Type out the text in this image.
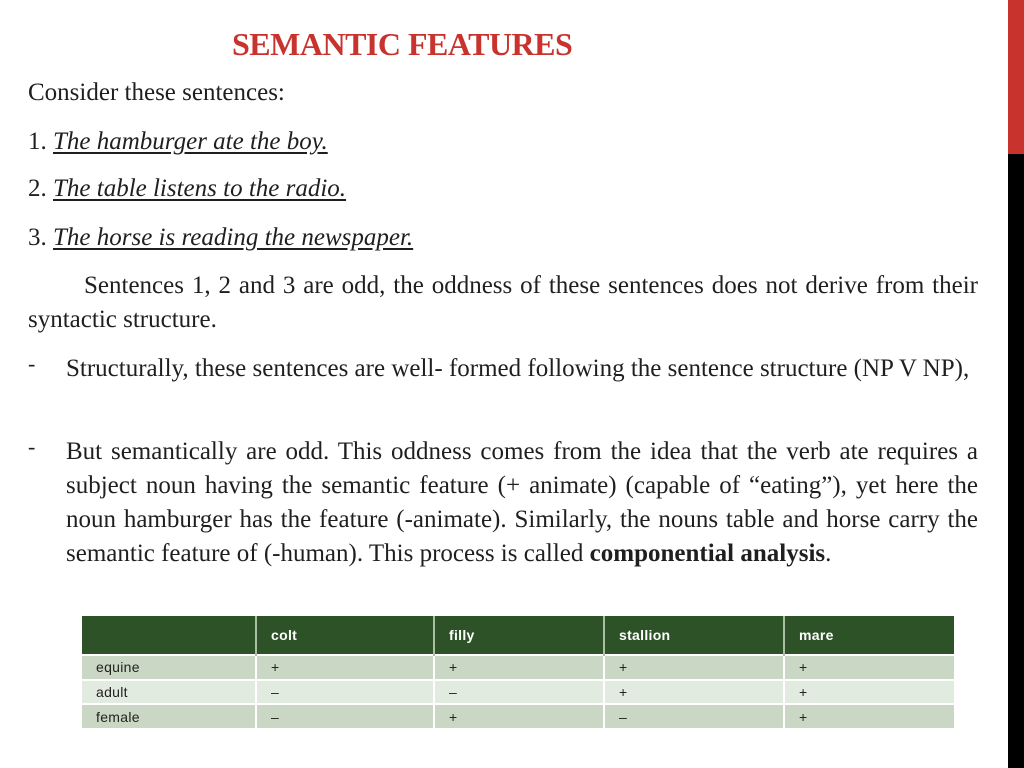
SEMANTIC FEATURES
Consider these sentences:
1. The hamburger ate the boy.
2. The table listens to the radio.
3. The horse is reading the newspaper.
Sentences 1, 2 and 3 are odd, the oddness of these sentences does not derive from their syntactic structure.
- Structurally, these sentences are well- formed following the sentence structure (NP V NP),
- But semantically are odd. This oddness comes from the idea that the verb ate requires a subject noun having the semantic feature (+ animate) (capable of “eating”), yet here the noun hamburger has the feature (-animate). Similarly, the nouns table and horse carry the semantic feature of (-human). This process is called componential analysis.
	colt	filly	stallion	mare
equine	+	+	+	+
adult	–	–	+	+
female	–	+	–	+
